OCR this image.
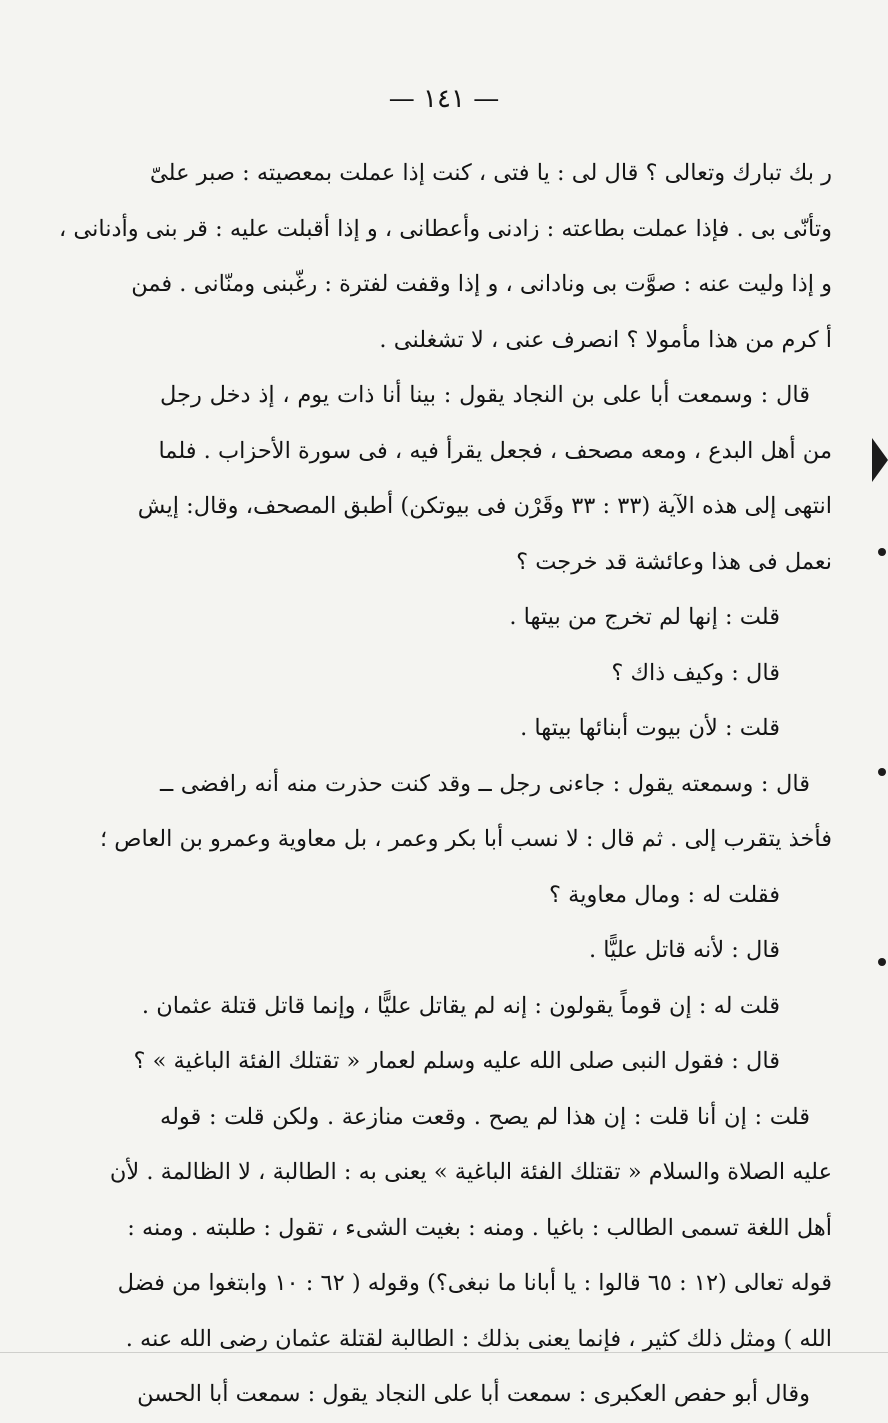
— ١٤١ —
ر بك تبارك وتعالى ؟ قال لى : يا فتى ، كنت إذا عملت بمعصيته : صبر علىّ
وتأنّى بى . فإذا عملت بطاعته : زادنى وأعطانى ، و إذا أقبلت عليه : قر بنى وأدنانى ،
و إذا وليت عنه : صوَّت بى ونادانى ، و إذا وقفت لفترة : رغّبنى ومنّانى . فمن
أ كرم من هذا مأمولا ؟ انصرف عنى ، لا تشغلنى .
قال : وسمعت أبا على بن النجاد يقول : بينا أنا ذات يوم ، إذ دخل رجل
من أهل البدع ، ومعه مصحف ، فجعل يقرأ فيه ، فى سورة الأحزاب . فلما
انتهى إلى هذه الآية (٣٣ : ٣٣ وقَرْن فى بيوتكن) أطبق المصحف، وقال: إيش
نعمل فى هذا وعائشة قد خرجت ؟
قلت : إنها لم تخرج من بيتها .
قال : وكيف ذاك ؟
قلت : لأن بيوت أبنائها بيتها .
قال : وسمعته يقول : جاءنى رجل ــ وقد كنت حذرت منه أنه رافضى ــ
فأخذ يتقرب إلى . ثم قال : لا نسب أبا بكر وعمر ، بل معاوية وعمرو بن العاص ؛
فقلت له : ومال معاوية ؟
قال : لأنه قاتل عليًّا .
قلت له : إن قوماً يقولون : إنه لم يقاتل عليًّا ، وإنما قاتل قتلة عثمان .
قال : فقول النبى صلى الله عليه وسلم لعمار « تقتلك الفئة الباغية » ؟
قلت : إن أنا قلت : إن هذا لم يصح . وقعت منازعة . ولكن قلت : قوله
عليه الصلاة والسلام « تقتلك الفئة الباغية » يعنى به : الطالبة ، لا الظالمة . لأن
أهل اللغة تسمى الطالب : باغيا . ومنه : بغيت الشىء ، تقول : طلبته . ومنه :
قوله تعالى (١٢ : ٦٥ قالوا : يا أبانا ما نبغى؟) وقوله ( ٦٢ : ١٠ وابتغوا من فضل
الله ) ومثل ذلك كثير ، فإنما يعنى بذلك : الطالبة لقتلة عثمان رضى الله عنه .
وقال أبو حفص العكبرى : سمعت أبا على النجاد يقول : سمعت أبا الحسن
